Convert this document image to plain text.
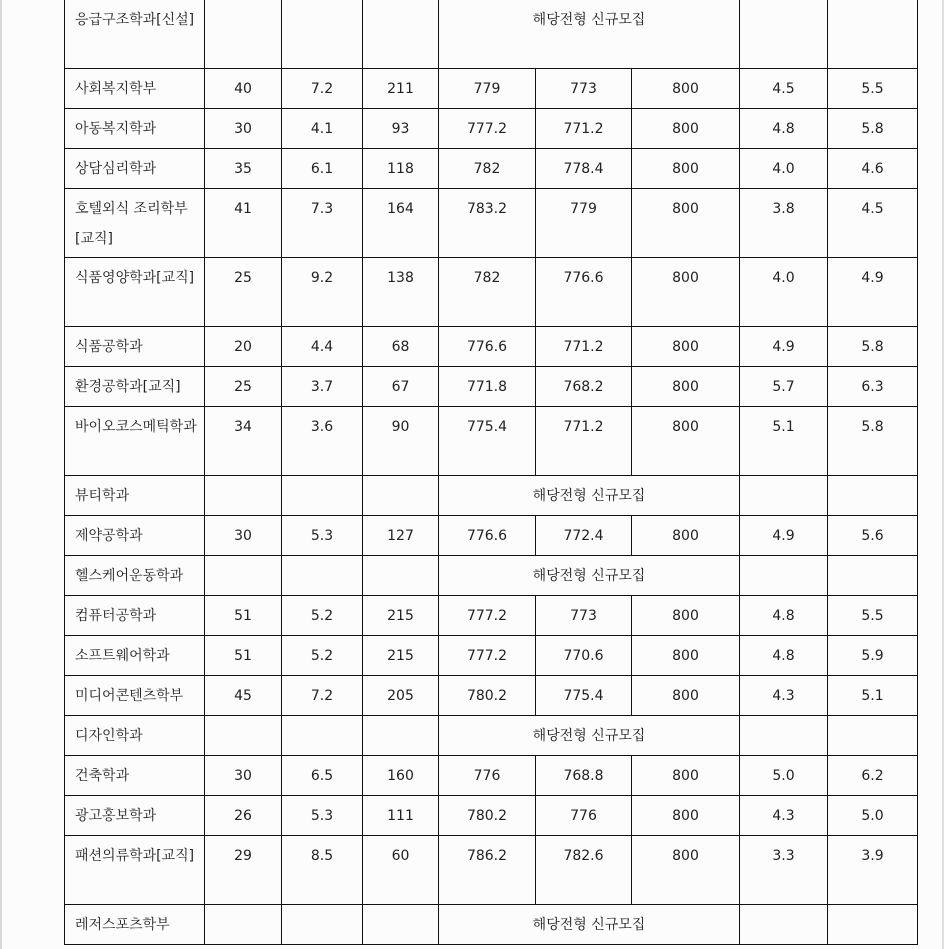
응급구조학과[신설]				해당전형 신규모집				
사회복지학부	40	7.2	211	779	773	800	4.5	5.5
아동복지학과	30	4.1	93	777.2	771.2	800	4.8	5.8
상담심리학과	35	6.1	118	782	778.4	800	4.0	4.6
호텔외식 조리학부[교직]	41	7.3	164	783.2	779	800	3.8	4.5
식품영양학과[교직]	25	9.2	138	782	776.6	800	4.0	4.9
식품공학과	20	4.4	68	776.6	771.2	800	4.9	5.8
환경공학과[교직]	25	3.7	67	771.8	768.2	800	5.7	6.3
바이오코스메틱학과	34	3.6	90	775.4	771.2	800	5.1	5.8
뷰티학과				해당전형 신규모집				
제약공학과	30	5.3	127	776.6	772.4	800	4.9	5.6
헬스케어운동학과				해당전형 신규모집				
컴퓨터공학과	51	5.2	215	777.2	773	800	4.8	5.5
소프트웨어학과	51	5.2	215	777.2	770.6	800	4.8	5.9
미디어콘텐츠학부	45	7.2	205	780.2	775.4	800	4.3	5.1
디자인학과				해당전형 신규모집				
건축학과	30	6.5	160	776	768.8	800	5.0	6.2
광고홍보학과	26	5.3	111	780.2	776	800	4.3	5.0
패션의류학과[교직]	29	8.5	60	786.2	782.6	800	3.3	3.9
레저스포츠학부				해당전형 신규모집				
